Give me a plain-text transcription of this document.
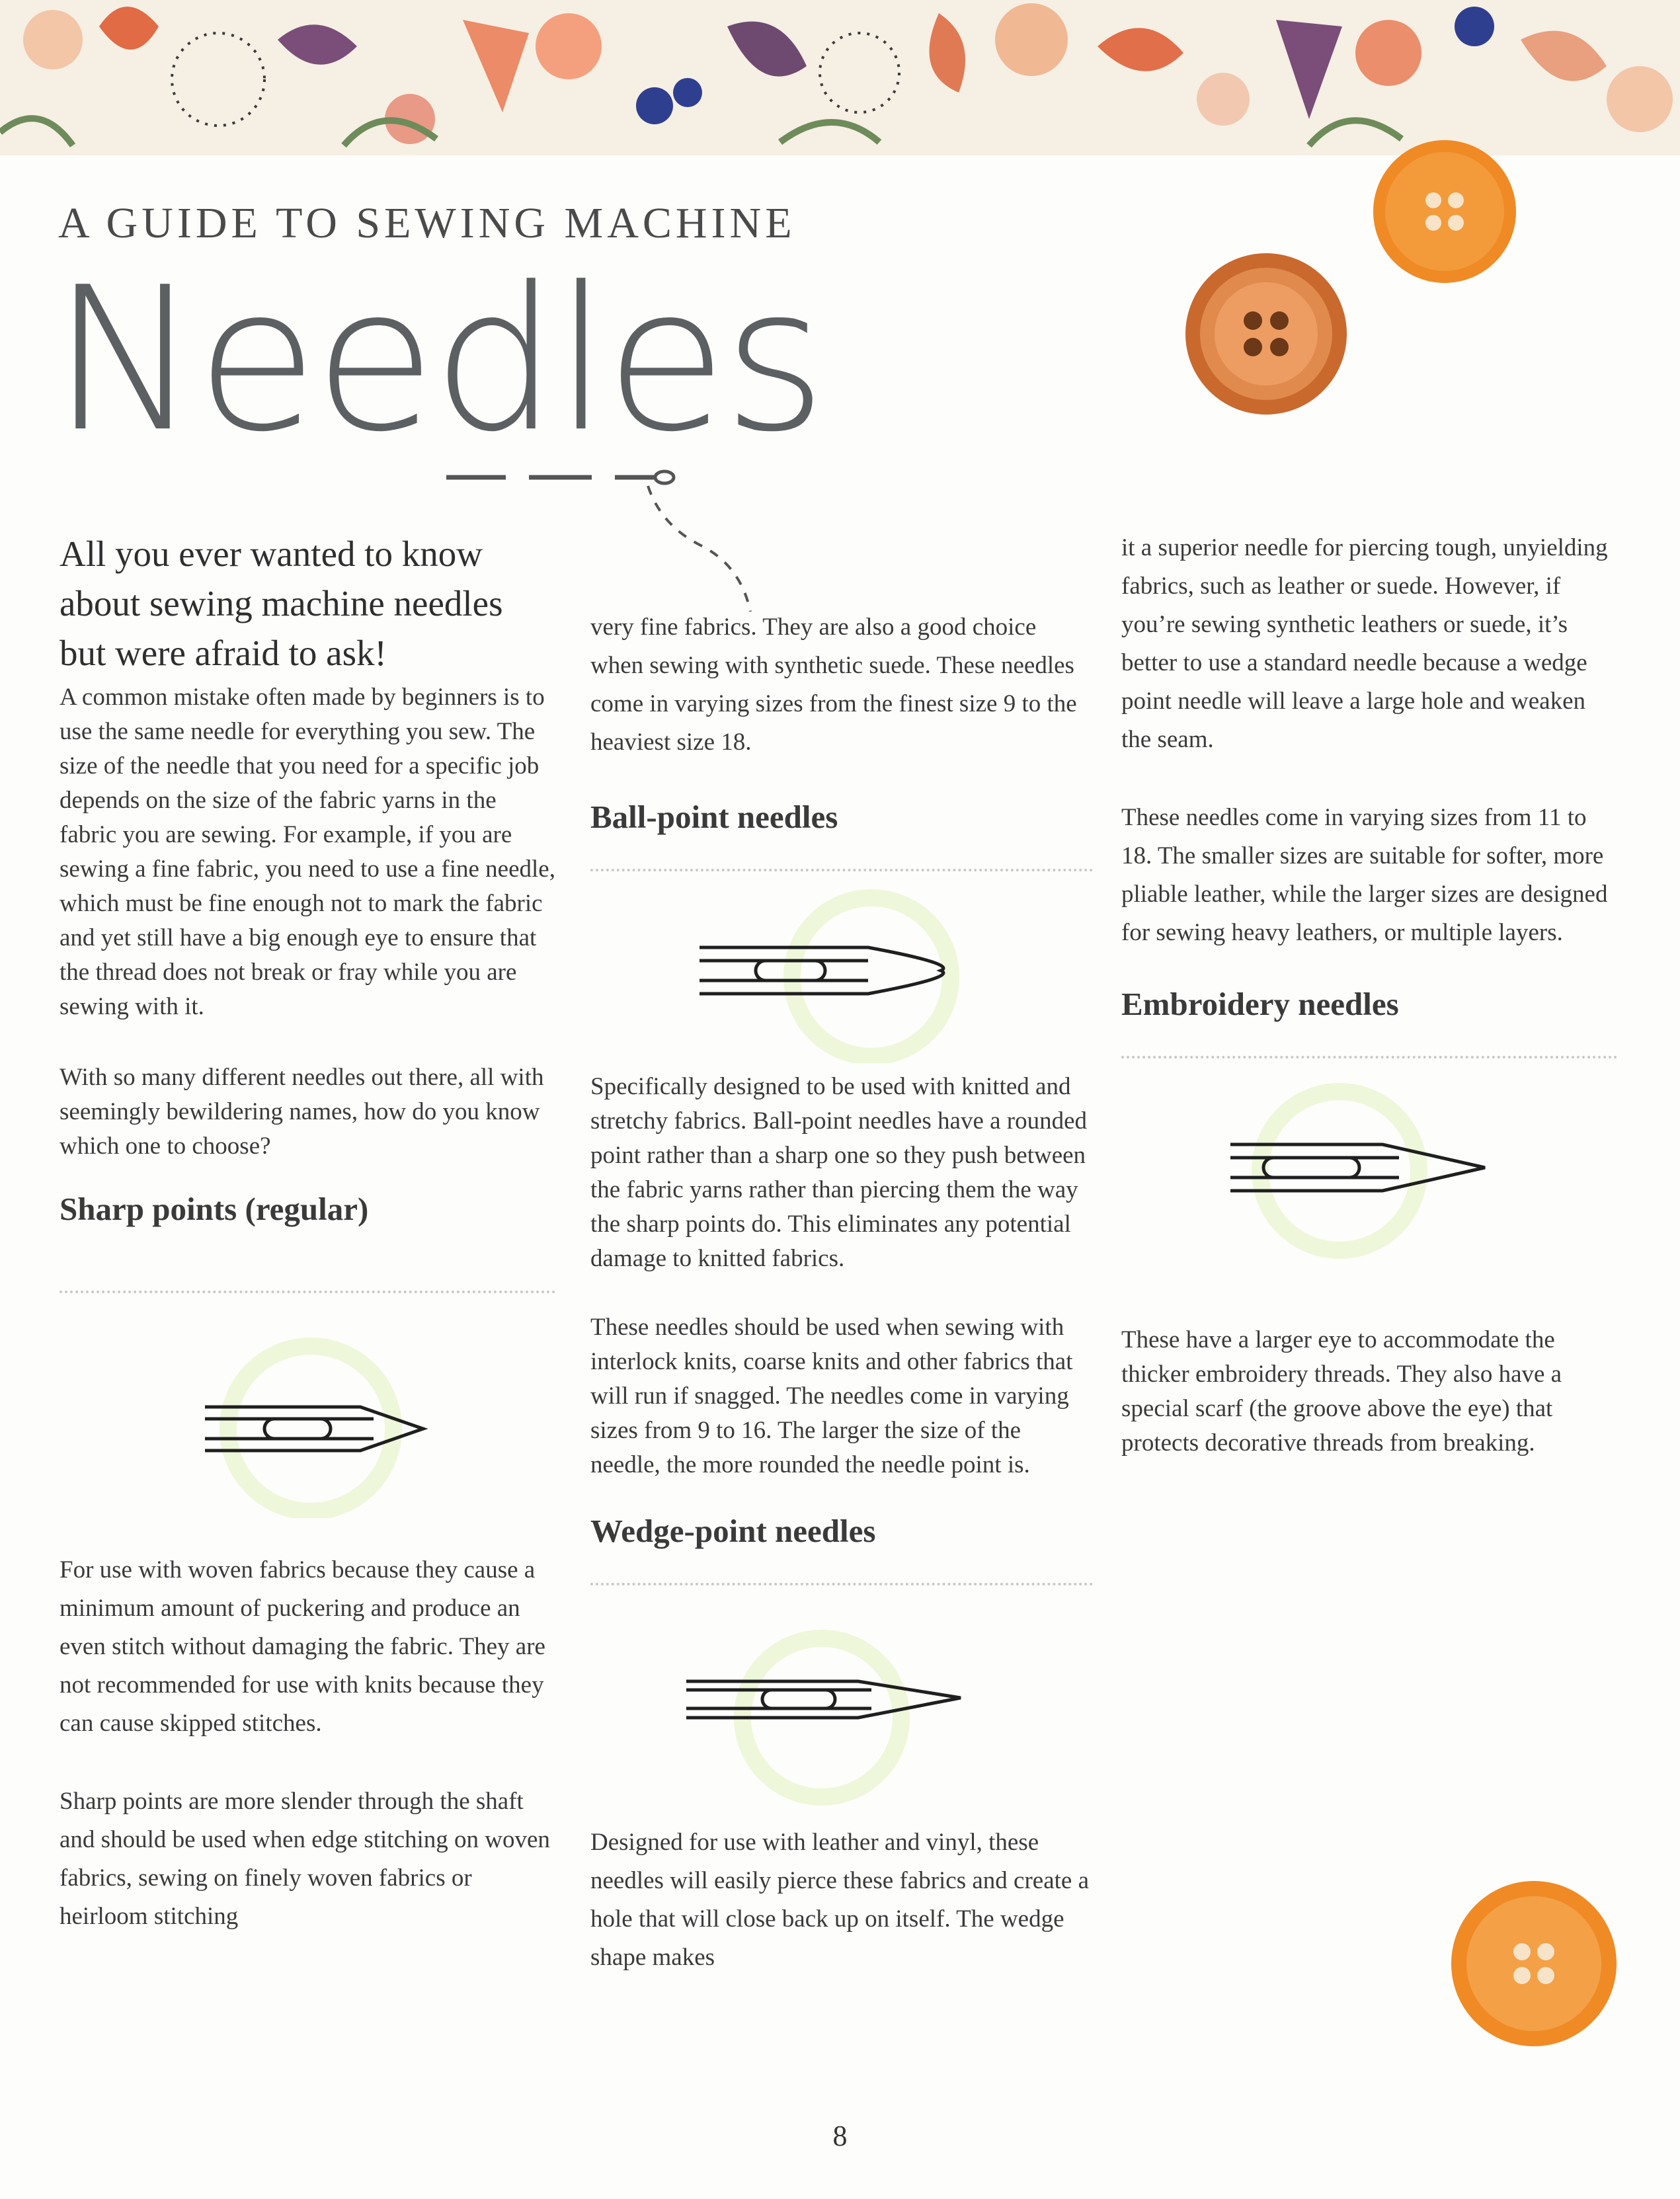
A GUIDE TO SEWING MACHINE
Needles
All you ever wanted to know about sewing machine needles but were afraid to ask!

A common mistake often made by beginners is to use the same needle for everything you sew. The size of the needle that you need for a specific job depends on the size of the fabric yarns in the fabric you are sewing. For example, if you are sewing a fine fabric, you need to use a fine needle, which must be fine enough not to mark the fabric and yet still have a big enough eye to ensure that the thread does not break or fray while you are sewing with it.

With so many different needles out there, all with seemingly bewildering names, how do you know which one to choose?

Sharp points (regular)

For use with woven fabrics because they cause a minimum amount of puckering and produce an even stitch without damaging the fabric. They are not recommended for use with knits because they can cause skipped stitches.

Sharp points are more slender through the shaft and should be used when edge stitching on woven fabrics, sewing on finely woven fabrics or heirloom stitching

very fine fabrics. They are also a good choice when sewing with synthetic suede. These needles come in varying sizes from the finest size 9 to the heaviest size 18.

Ball-point needles

Specifically designed to be used with knitted and stretchy fabrics. Ball-point needles have a rounded point rather than a sharp one so they push between the fabric yarns rather than piercing them the way the sharp points do. This eliminates any potential damage to knitted fabrics.

These needles should be used when sewing with interlock knits, coarse knits and other fabrics that will run if snagged. The needles come in varying sizes from 9 to 16. The larger the size of the needle, the more rounded the needle point is.

Wedge-point needles

Designed for use with leather and vinyl, these needles will easily pierce these fabrics and create a hole that will close back up on itself. The wedge shape makes

it a superior needle for piercing tough, unyielding fabrics, such as leather or suede. However, if you’re sewing synthetic leathers or suede, it’s better to use a standard needle because a wedge point needle will leave a large hole and weaken the seam.

These needles come in varying sizes from 11 to 18. The smaller sizes are suitable for softer, more pliable leather, while the larger sizes are designed for sewing heavy leathers, or multiple layers.

Embroidery needles

These have a larger eye to accommodate the thicker embroidery threads. They also have a special scarf (the groove above the eye) that protects decorative threads from breaking.

8
